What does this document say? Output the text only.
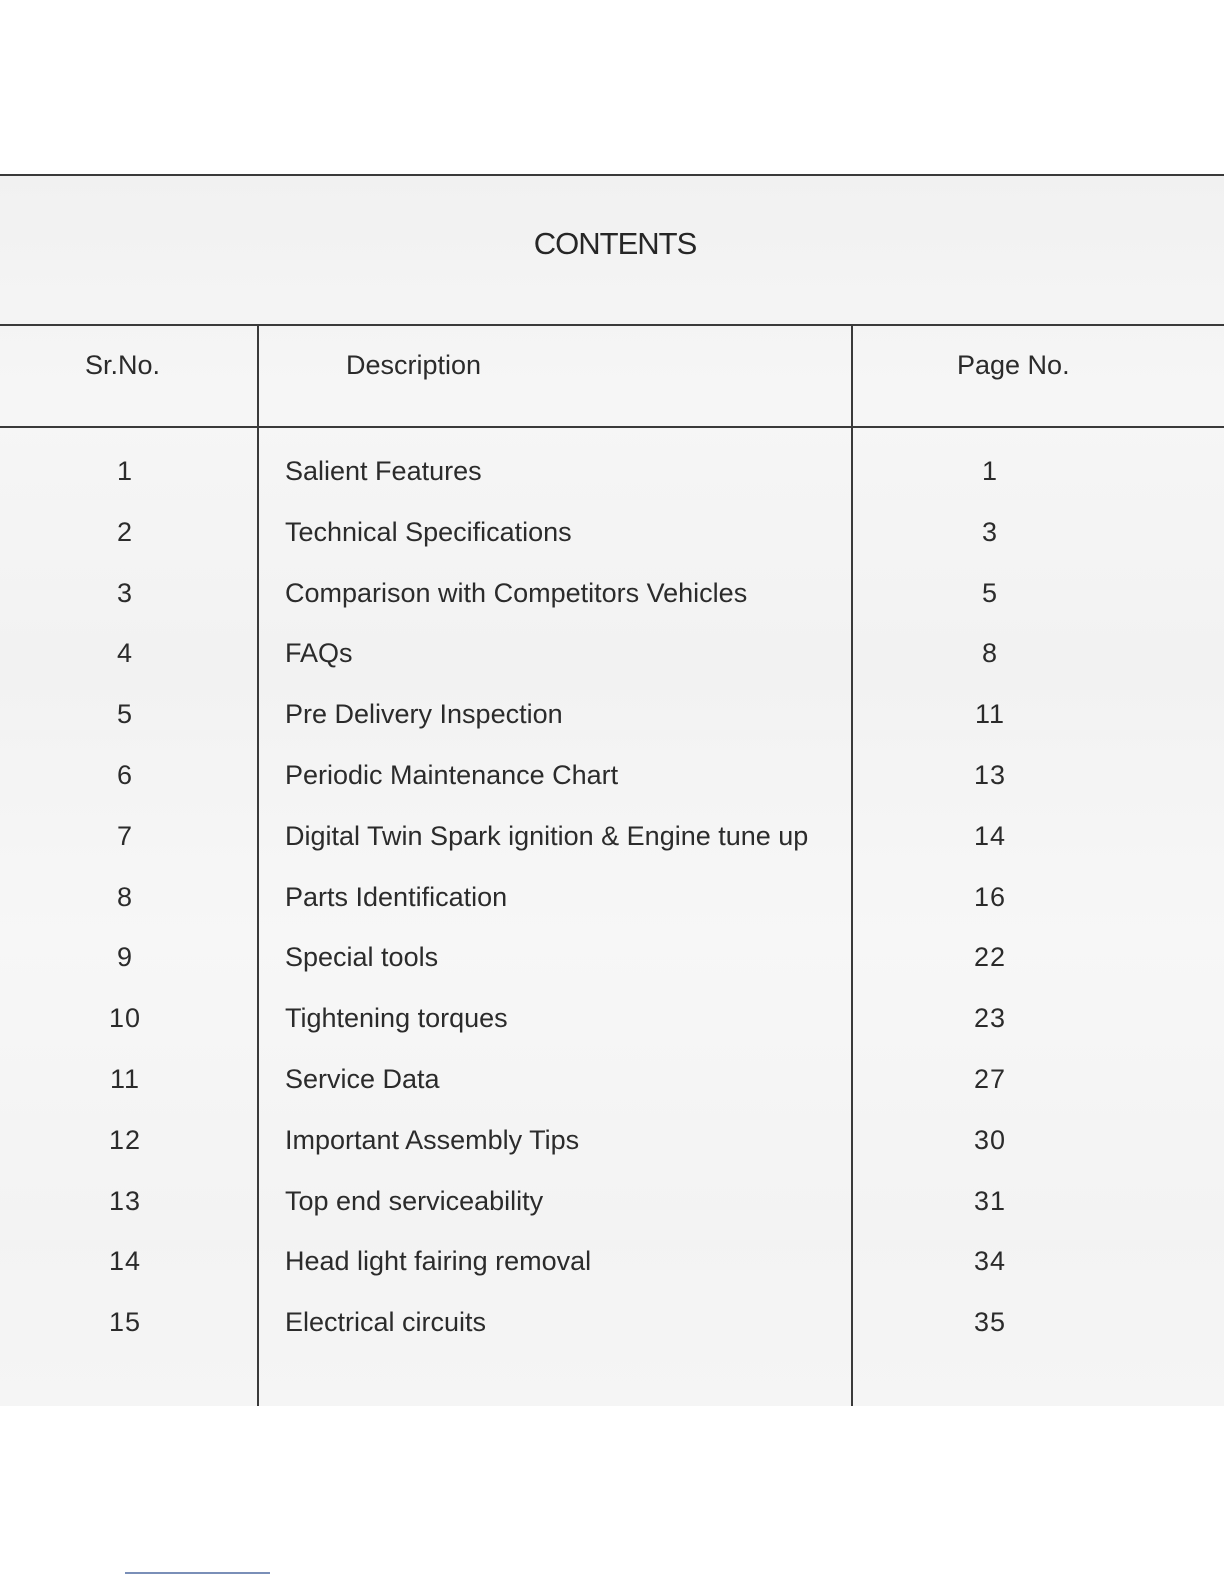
CONTENTS
Sr.No.	Description	Page No.
1	Salient Features	1
2	Technical Specifications	3
3	Comparison with Competitors Vehicles	5
4	FAQs	8
5	Pre Delivery Inspection	11
6	Periodic Maintenance Chart	13
7	Digital Twin Spark ignition & Engine tune up	14
8	Parts Identification	16
9	Special tools	22
10	Tightening torques	23
11	Service Data	27
12	Important Assembly Tips	30
13	Top end serviceability	31
14	Head light fairing removal	34
15	Electrical circuits	35
